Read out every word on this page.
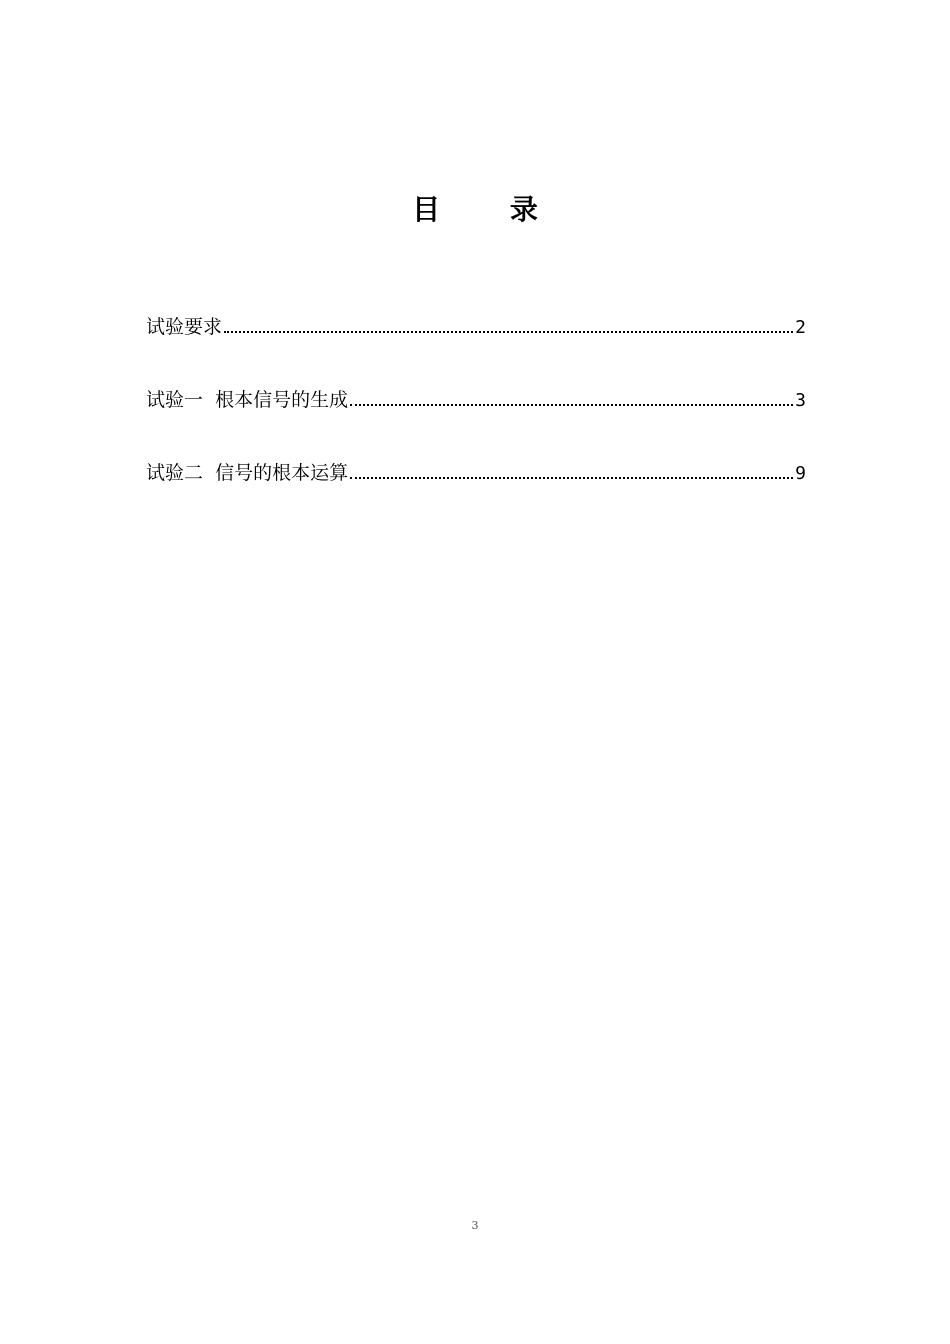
目 录
试验要求	2
试验一  根本信号的生成	3
试验二  信号的根本运算	9
3
